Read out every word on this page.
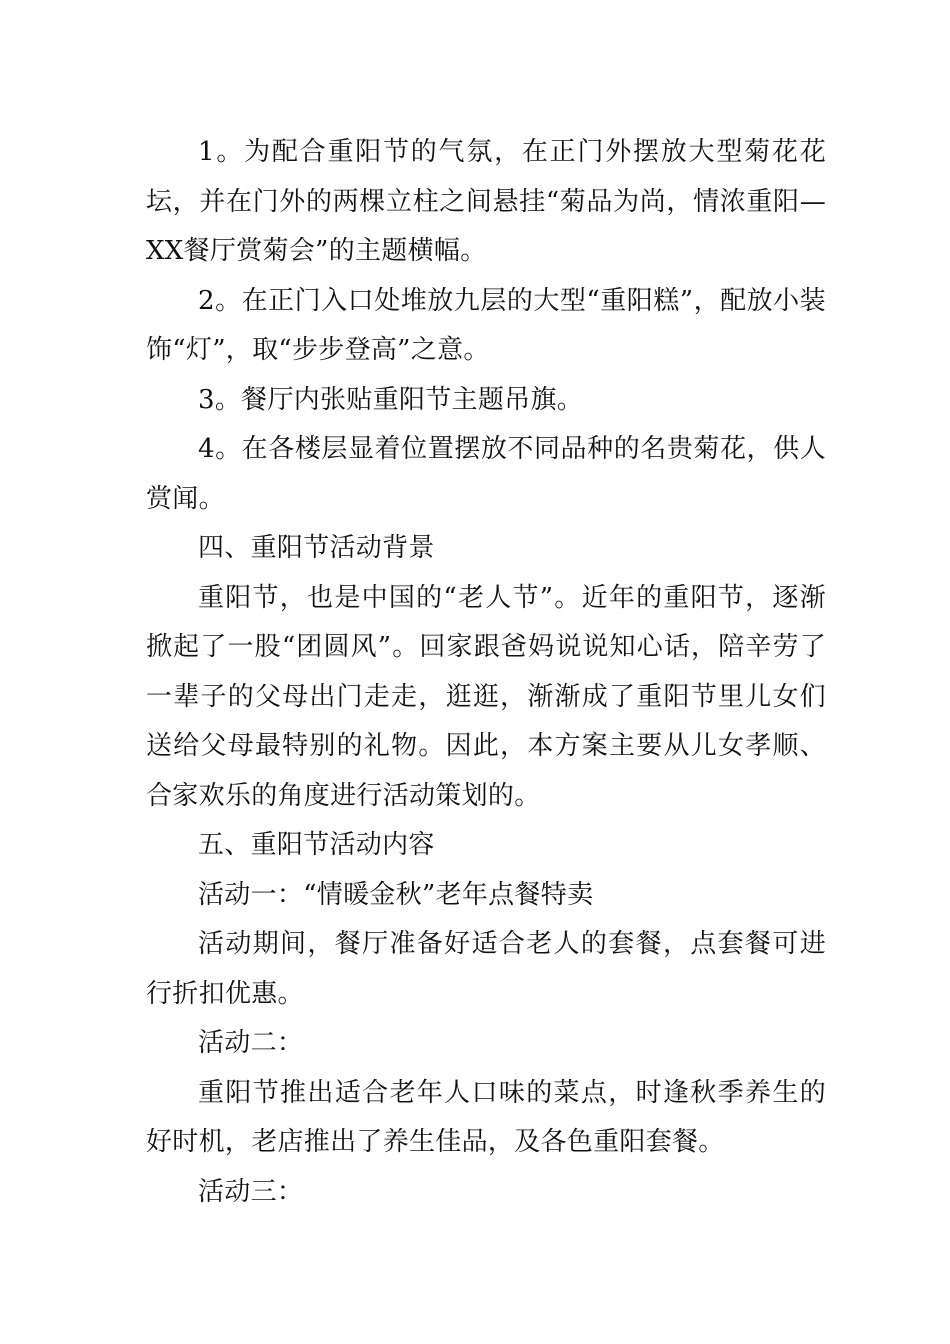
1。为配合重阳节的气氛，在正门外摆放大型菊花花坛，并在门外的两棵立柱之间悬挂“菊品为尚，情浓重阳—XX餐厅赏菊会”的主题横幅。

2。在正门入口处堆放九层的大型“重阳糕”，配放小装饰“灯”，取“步步登高”之意。

3。餐厅内张贴重阳节主题吊旗。

4。在各楼层显着位置摆放不同品种的名贵菊花，供人赏闻。

四、重阳节活动背景

重阳节，也是中国的“老人节”。近年的重阳节，逐渐掀起了一股“团圆风”。回家跟爸妈说说知心话，陪辛劳了一辈子的父母出门走走，逛逛，渐渐成了重阳节里儿女们送给父母最特别的礼物。因此，本方案主要从儿女孝顺、合家欢乐的角度进行活动策划的。

五、重阳节活动内容

活动一：“情暖金秋”老年点餐特卖

活动期间，餐厅准备好适合老人的套餐，点套餐可进行折扣优惠。

活动二：

重阳节推出适合老年人口味的菜点，时逢秋季养生的好时机，老店推出了养生佳品，及各色重阳套餐。

活动三：
